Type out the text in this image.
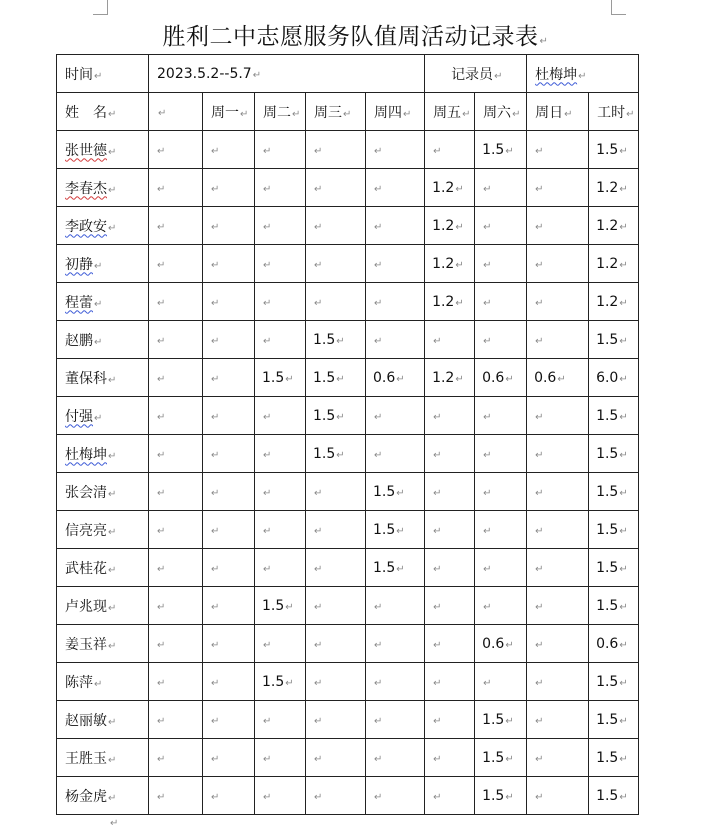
胜利二中志愿服务队值周活动记录表↵
时间↵	2023.5.2--5.7↵					记录员↵		杜梅坤↵	
姓　名↵	↵	周一↵	周二↵	周三↵	周四↵	周五↵	周六↵	周日↵	工时↵
张世德↵	↵	↵	↵	↵	↵	↵	1.5↵	↵	1.5↵
李春杰↵	↵	↵	↵	↵	↵	1.2↵	↵	↵	1.2↵
李政安↵	↵	↵	↵	↵	↵	1.2↵	↵	↵	1.2↵
初静↵	↵	↵	↵	↵	↵	1.2↵	↵	↵	1.2↵
程蕾↵	↵	↵	↵	↵	↵	1.2↵	↵	↵	1.2↵
赵鹏↵	↵	↵	↵	1.5↵	↵	↵	↵	↵	1.5↵
董保科↵	↵	↵	1.5↵	1.5↵	0.6↵	1.2↵	0.6↵	0.6↵	6.0↵
付强↵	↵	↵	↵	1.5↵	↵	↵	↵	↵	1.5↵
杜梅坤↵	↵	↵	↵	1.5↵	↵	↵	↵	↵	1.5↵
张会清↵	↵	↵	↵	↵	1.5↵	↵	↵	↵	1.5↵
信亮亮↵	↵	↵	↵	↵	1.5↵	↵	↵	↵	1.5↵
武桂花↵	↵	↵	↵	↵	1.5↵	↵	↵	↵	1.5↵
卢兆现↵	↵	↵	1.5↵	↵	↵	↵	↵	↵	1.5↵
姜玉祥↵	↵	↵	↵	↵	↵	↵	0.6↵	↵	0.6↵
陈萍↵	↵	↵	1.5↵	↵	↵	↵	↵	↵	1.5↵
赵丽敏↵	↵	↵	↵	↵	↵	↵	1.5↵	↵	1.5↵
王胜玉↵	↵	↵	↵	↵	↵	↵	1.5↵	↵	1.5↵
杨金虎↵	↵	↵	↵	↵	↵	↵	1.5↵	↵	1.5↵
↵
